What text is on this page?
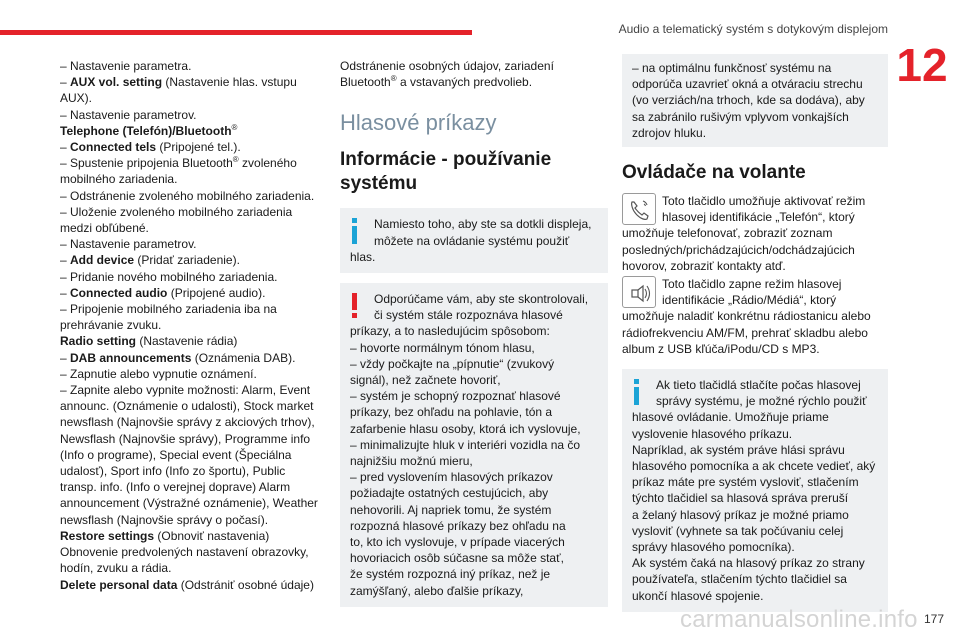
Audio a telematický systém s dotykovým displejom
12
– Nastavenie parametra.
– AUX vol. setting (Nastavenie hlas. vstupu
AUX).
– Nastavenie parametrov.
Telephone (Telefón)/Bluetooth®
– Connected tels (Pripojené tel.).
– Spustenie pripojenia Bluetooth® zvoleného
mobilného zariadenia.
– Odstránenie zvoleného mobilného zariadenia.
– Uloženie zvoleného mobilného zariadenia
medzi obľúbené.
– Nastavenie parametrov.
– Add device (Pridať zariadenie).
– Pridanie nového mobilného zariadenia.
– Connected audio (Pripojené audio).
– Pripojenie mobilného zariadenia iba na
prehrávanie zvuku.
Radio setting (Nastavenie rádia)
– DAB announcements (Oznámenia DAB).
– Zapnutie alebo vypnutie oznámení.
– Zapnite alebo vypnite možnosti: Alarm, Event
announc. (Oznámenie o udalosti), Stock market
newsflash (Najnovšie správy z akciových trhov),
Newsflash (Najnovšie správy), Programme info
(Info o programe), Special event (Špeciálna
udalosť), Sport info (Info zo športu), Public
transp. info. (Info o verejnej doprave) Alarm
announcement (Výstražné oznámenie), Weather
newsflash (Najnovšie správy o počasí).
Restore settings (Obnoviť nastavenia)
Obnovenie predvolených nastavení obrazovky,
hodín, zvuku a rádia.
Delete personal data (Odstrániť osobné údaje)
Odstránenie osobných údajov, zariadení
Bluetooth® a vstavaných predvolieb.
Hlasové príkazy
Informácie - používanie
systému
Namiesto toho, aby ste sa dotkli displeja,
môžete na ovládanie systému použiť
hlas.
Odporúčame vám, aby ste skontrolovali,
či systém stále rozpoznáva hlasové
príkazy, a to nasledujúcim spôsobom:
– hovorte normálnym tónom hlasu,
– vždy počkajte na „pípnutie“ (zvukový
signál), než začnete hovoriť,
– systém je schopný rozpoznať hlasové
príkazy, bez ohľadu na pohlavie, tón a
zafarbenie hlasu osoby, ktorá ich vyslovuje,
– minimalizujte hluk v interiéri vozidla na čo
najnižšiu možnú mieru,
– pred vyslovením hlasových príkazov
požiadajte ostatných cestujúcich, aby
nehovorili. Aj napriek tomu, že systém
rozpozná hlasové príkazy bez ohľadu na
to, kto ich vyslovuje, v prípade viacerých
hovoriacich osôb súčasne sa môže stať,
že systém rozpozná iný príkaz, než je
zamýšľaný, alebo ďalšie príkazy,
– na optimálnu funkčnosť systému na
odporúča uzavrieť okná a otváraciu strechu
(vo verziách/na trhoch, kde sa dodáva), aby
sa zabránilo rušivým vplyvom vonkajších
zdrojov hluku.
Ovládače na volante
Toto tlačidlo umožňuje aktivovať režim
hlasovej identifikácie „Telefón“, ktorý
umožňuje telefonovať, zobraziť zoznam
posledných/prichádzajúcich/odchádzajúcich
hovorov, zobraziť kontakty atď.
Toto tlačidlo zapne režim hlasovej
identifikácie „Rádio/Médiá“, ktorý
umožňuje naladiť konkrétnu rádiostanicu alebo
rádiofrekvenciu AM/FM, prehrať skladbu alebo
album z USB kľúča/iPodu/CD s MP3.
Ak tieto tlačidlá stlačíte počas hlasovej
správy systému, je možné rýchlo použiť
hlasové ovládanie. Umožňuje priame
vyslovenie hlasového príkazu.
Napríklad, ak systém práve hlási správu
hlasového pomocníka a ak chcete vedieť, aký
príkaz máte pre systém vysloviť, stlačením
týchto tlačidiel sa hlasová správa preruší
a želaný hlasový príkaz je možné priamo
vysloviť (vyhnete sa tak počúvaniu celej
správy hlasového pomocníka).
Ak systém čaká na hlasový príkaz zo strany
používateľa, stlačením týchto tlačidiel sa
ukončí hlasové spojenie.
carmanualsonline.info 177
